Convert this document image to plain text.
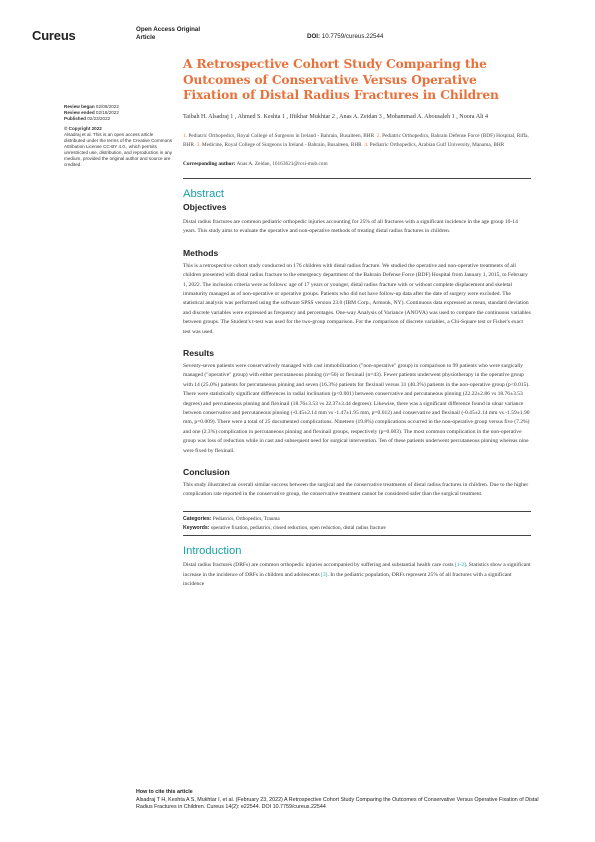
Cureus	Open Access Original
Article	DOI: 10.7759/cureus.22544
Review began 02/08/2022
Review ended 02/18/2022
Published 02/23/2022
© Copyright 2022
Alsadraj et al. This is an open access article distributed under the terms of the Creative Commons Attribution License CC-BY 4.0., which permits unrestricted use, distribution, and reproduction in any medium, provided the original author and source are credited.
A Retrospective Cohort Study Comparing the Outcomes of Conservative Versus Operative Fixation of Distal Radius Fractures in Children
Taibah H. Alsadraj 1 , Ahmed S. Keshta 1 , Iftikhar Mukhtar 2 , Anas A. Zeidan 3 , Mohammad A. Abousaleh 1 , Noora Ali 4
1. Pediatric Orthopedics, Royal College of Surgeons in Ireland - Bahrain, Busaiteen, BHR 2. Pediatric Orthopedics, Bahrain Defense Force (BDF) Hospital, Riffa, BHR 3. Medicine, Royal College of Surgeons in Ireland - Bahrain, Busaiteen, BHR 4. Pediatric Orthopedics, Arabian Gulf University, Manama, BHR
Corresponding author: Anas A. Zeidan, 16163621@rcsi-mub.com
Abstract
Objectives

Distal radius fractures are common pediatric orthopedic injuries accounting for 25% of all fractures with a significant incidence in the age group 10-14 years. This study aims to evaluate the operative and non-operative methods of treating distal radius fractures in children.

Methods

This is a retrospective cohort study conducted on 176 children with distal radius fracture. We studied the operative and non-operative treatments of all children presented with distal radius fracture to the emergency department of the Bahrain Defense Force (BDF) Hospital from January 1, 2015, to February 1, 2022. The inclusion criteria were as follows: age of 17 years or younger, distal radius fracture with or without complete displacement and skeletal immaturity managed as of non-operative or operative groups. Patients who did not have follow-up data after the date of surgery were excluded. The statistical analysis was performed using the software SPSS version 23.0 (IBM Corp., Armonk, NY). Continuous data expressed as mean, standard deviation and discrete variables were expressed as frequency and percentages. One-way Analysis of Variance (ANOVA) was used to compare the continuous variables between groups. The Student's t-test was used for the two-group comparison. For the comparison of discrete variables, a Chi-Square test or Fisher's exact test was used.

Results

Seventy-seven patients were conservatively managed with cast immobilization ("non-operative" group) in comparison to 99 patients who were surgically managed ("operative" group) with either percutaneous pinning (n=56) or flexinail (n=43). Fewer patients underwent physiotherapy in the operative group with 14 (25.0%) patients for percutaneous pinning and seven (16.3%) patients for flexinail versus 31 (40.3%) patients in the non-operative group (p<0.015). There were statistically significant differences in radial inclination (p<0.001) between conservative and percutaneous pinning (22.22±2.86 vs 18.76±3.53 degrees) and percutaneous pinning and flexinail (18.76±3.53 vs 22.37±3.44 degrees). Likewise, there was a significant difference found in ulnar variance between conservative and percutaneous pinning (-0.45±2.14 mm vs -1.47±1.95 mm, p=0.012) and conservative and flexinail (-0.45±2.14 mm vs -1.59±1.90 mm, p=0.009). There were a total of 25 documented complications. Nineteen (19.8%) complications occurred in the non-operative group versus five (7.2%) and one (2.3%) complication in percutaneous pinning and flexinail groups, respectively (p=0.003). The most common complication in the non-operative group was loss of reduction while in cast and subsequent need for surgical intervention. Ten of these patients underwent percutaneous pinning whereas nine were fixed by flexinail.

Conclusion

This study illustrated an overall similar success between the surgical and the conservative treatments of distal radius fractures in children. Due to the higher complication rate reported in the conservative group, the conservative treatment cannot be considered safer than the surgical treatment.

Categories: Pediatrics, Orthopedics, Trauma
Keywords: operative fixation, pediatrics, closed reduction, open reduction, distal radius fracture
Introduction

Distal radius fractures (DRFs) are common orthopedic injuries accompanied by suffering and substantial health care costs [1-2]. Statistics show a significant increase in the incidence of DRFs in children and adolescents [3]. In the pediatric population, DRFs represent 25% of all fractures with a significant incidence

How to cite this article
Alsadraj T H, Keshta A S, Mukhtar I, et al. (February 23, 2022) A Retrospective Cohort Study Comparing the Outcomes of Conservative Versus Operative Fixation of Distal Radius Fractures in Children. Cureus 14(2): e22544. DOI 10.7759/cureus.22544
